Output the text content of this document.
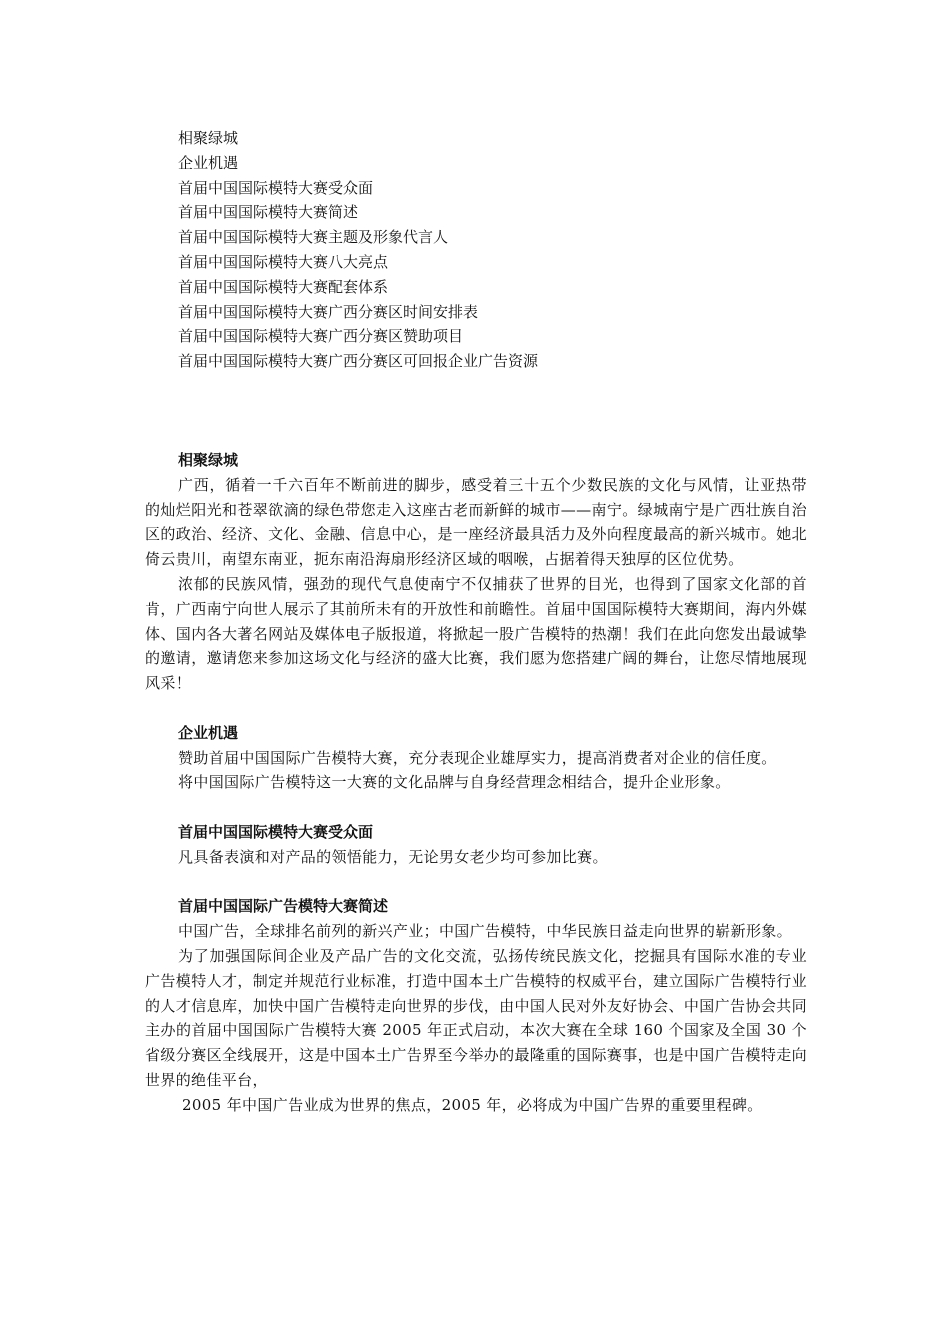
相聚绿城
企业机遇
首届中国国际模特大赛受众面
首届中国国际模特大赛简述
首届中国国际模特大赛主题及形象代言人
首届中国国际模特大赛八大亮点
首届中国国际模特大赛配套体系
首届中国国际模特大赛广西分赛区时间安排表
首届中国国际模特大赛广西分赛区赞助项目
首届中国国际模特大赛广西分赛区可回报企业广告资源
相聚绿城

广西，循着一千六百年不断前进的脚步，感受着三十五个少数民族的文化与风情，让亚热带的灿烂阳光和苍翠欲滴的绿色带您走入这座古老而新鲜的城市——南宁。绿城南宁是广西壮族自治区的政治、经济、文化、金融、信息中心，是一座经济最具活力及外向程度最高的新兴城市。她北倚云贵川，南望东南亚，扼东南沿海扇形经济区域的咽喉，占据着得天独厚的区位优势。

浓郁的民族风情，强劲的现代气息使南宁不仅捕获了世界的目光，也得到了国家文化部的首肯，广西南宁向世人展示了其前所未有的开放性和前瞻性。首届中国国际模特大赛期间，海内外媒体、国内各大著名网站及媒体电子版报道，将掀起一股广告模特的热潮！我们在此向您发出最诚挚的邀请，邀请您来参加这场文化与经济的盛大比赛，我们愿为您搭建广阔的舞台，让您尽情地展现风采！

企业机遇

赞助首届中国国际广告模特大赛，充分表现企业雄厚实力，提高消费者对企业的信任度。

将中国国际广告模特这一大赛的文化品牌与自身经营理念相结合，提升企业形象。

首届中国国际模特大赛受众面

凡具备表演和对产品的领悟能力，无论男女老少均可参加比赛。

首届中国国际广告模特大赛简述

中国广告，全球排名前列的新兴产业；中国广告模特，中华民族日益走向世界的崭新形象。

为了加强国际间企业及产品广告的文化交流，弘扬传统民族文化，挖掘具有国际水准的专业广告模特人才，制定并规范行业标准，打造中国本土广告模特的权威平台，建立国际广告模特行业的人才信息库，加快中国广告模特走向世界的步伐，由中国人民对外友好协会、中国广告协会共同主办的首届中国国际广告模特大赛 2005 年正式启动，本次大赛在全球 160 个国家及全国 30 个省级分赛区全线展开，这是中国本土广告界至今举办的最隆重的国际赛事，也是中国广告模特走向世界的绝佳平台，

2005 年中国广告业成为世界的焦点，2005 年，必将成为中国广告界的重要里程碑。
